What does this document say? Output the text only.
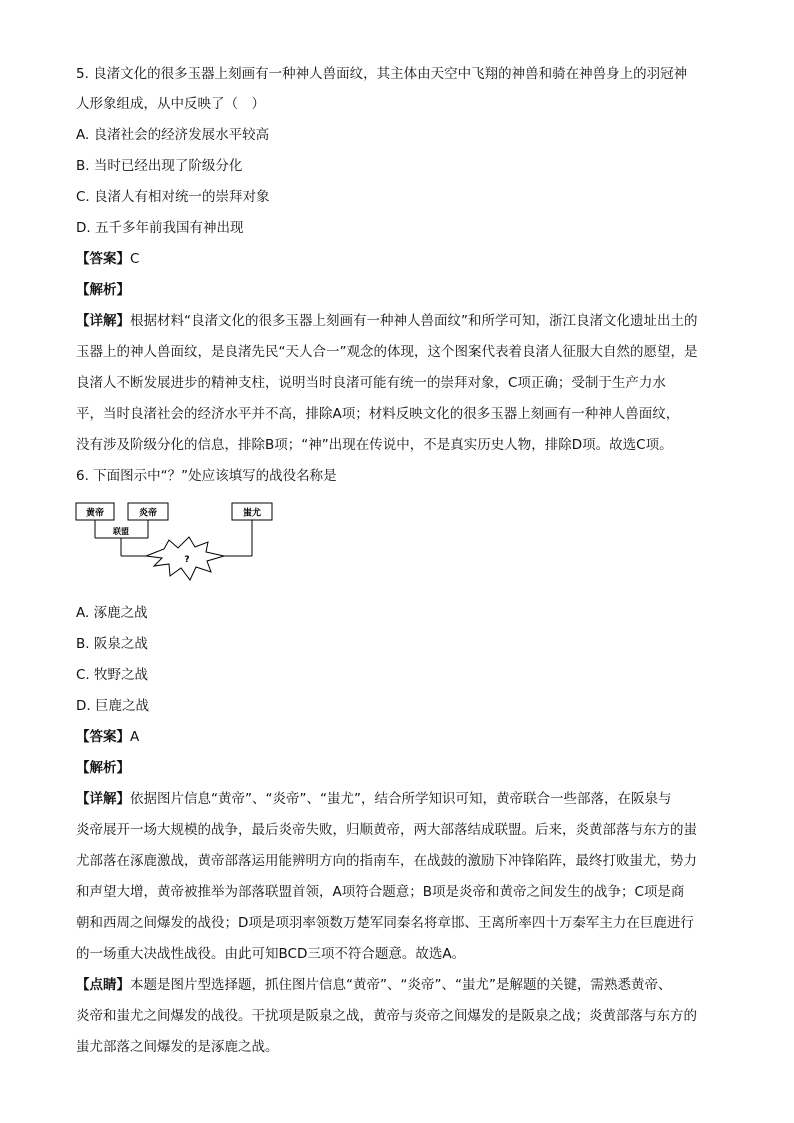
5. 良渚文化的很多玉器上刻画有一种神人兽面纹，其主体由天空中飞翔的神兽和骑在神兽身上的羽冠神
人形象组成，从中反映了（　）
A. 良渚社会的经济发展水平较高
B. 当时已经出现了阶级分化
C. 良渚人有相对统一的崇拜对象
D. 五千多年前我国有神出现
【答案】C
【解析】
【详解】根据材料“良渚文化的很多玉器上刻画有一种神人兽面纹”和所学可知，浙江良渚文化遗址出土的
玉器上的神人兽面纹，是良渚先民“天人合一”观念的体现，这个图案代表着良渚人征服大自然的愿望，是
良渚人不断发展进步的精神支柱，说明当时良渚可能有统一的崇拜对象，C项正确；受制于生产力水
平，当时良渚社会的经济水平并不高，排除A项；材料反映文化的很多玉器上刻画有一种神人兽面纹，
没有涉及阶级分化的信息，排除B项；“神”出现在传说中，不是真实历史人物，排除D项。故选C项。
6. 下面图示中“？”处应该填写的战役名称是
黄帝	炎帝	蚩尤
联盟
?
A. 涿鹿之战
B. 阪泉之战
C. 牧野之战
D. 巨鹿之战
【答案】A
【解析】
【详解】依据图片信息“黄帝”、“炎帝”、“蚩尤”，结合所学知识可知，黄帝联合一些部落，在阪泉与
炎帝展开一场大规模的战争，最后炎帝失败，归顺黄帝，两大部落结成联盟。后来，炎黄部落与东方的蚩
尤部落在涿鹿激战，黄帝部落运用能辨明方向的指南车，在战鼓的激励下冲锋陷阵，最终打败蚩尤，势力
和声望大增，黄帝被推举为部落联盟首领，A项符合题意；B项是炎帝和黄帝之间发生的战争；C项是商
朝和西周之间爆发的战役；D项是项羽率领数万楚军同秦名将章邯、王离所率四十万秦军主力在巨鹿进行
的一场重大决战性战役。由此可知BCD三项不符合题意。故选A。
【点睛】本题是图片型选择题，抓住图片信息“黄帝”、“炎帝”、“蚩尤”是解题的关键，需熟悉黄帝、
炎帝和蚩尤之间爆发的战役。干扰项是阪泉之战，黄帝与炎帝之间爆发的是阪泉之战；炎黄部落与东方的
蚩尤部落之间爆发的是涿鹿之战。
